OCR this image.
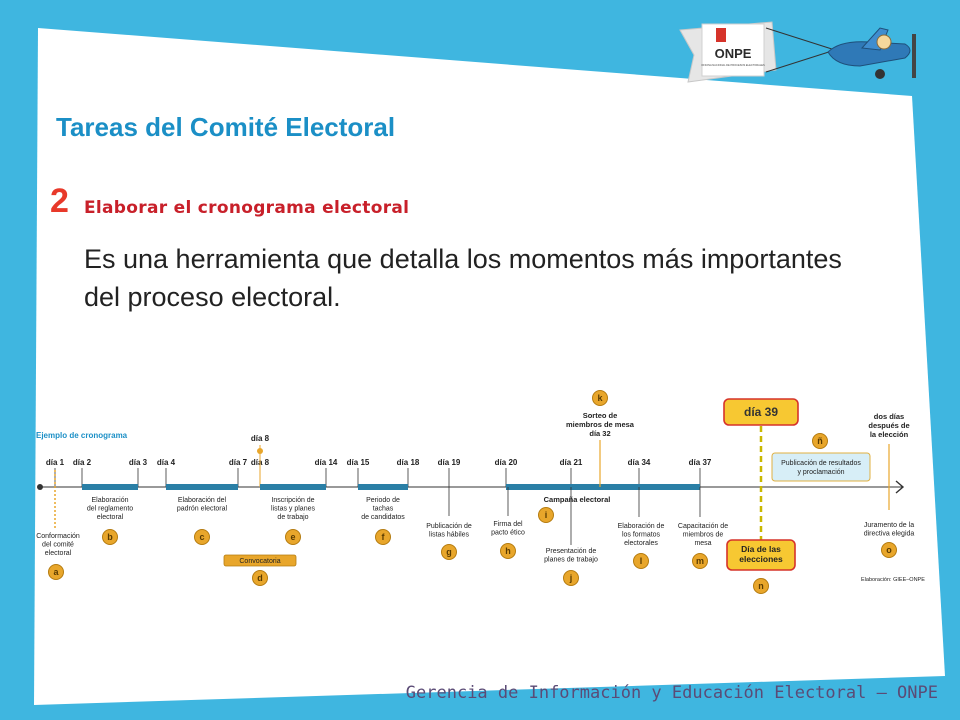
Tareas del Comité Electoral
2 Elaborar el cronograma electoral

Es una herramienta que detalla los momentos más importantes del proceso electoral.

Gerencia de Información y Educación Electoral – ONPE
Ejemplo de cronograma
Elaboración: GIEE–ONPE
día 1 día 2	día 3 día 4	día 7 día 8	día 14 día 15	día 18 día 19	día 20	día 21	día 34	día 37
día 8
Elaboración
del reglamento
electoral
b
Elaboración del
padrón electoral
c
Inscripción de
listas y planes
de trabajo
e
Periodo de
tachas
de candidatos
f
Campaña electoral
Conformación
del comité
electoral
a
Convocatoria
d
Publicación de
listas hábiles
g
Firma del
pacto ético
h
i
Presentación de
planes de trabajo
j
k
Sorteo de
miembros de mesa
día 32
Elaboración de
los formatos
electorales
l
Capacitación de
miembros de
mesa
m
día 39
Día de las
elecciones
n
ñ
Publicación de resultados
y proclamación
dos días
después de
la elección
Juramento de la
directiva elegida
o
ONPE
OFICINA NACIONAL DE PROCESOS ELECTORALES
